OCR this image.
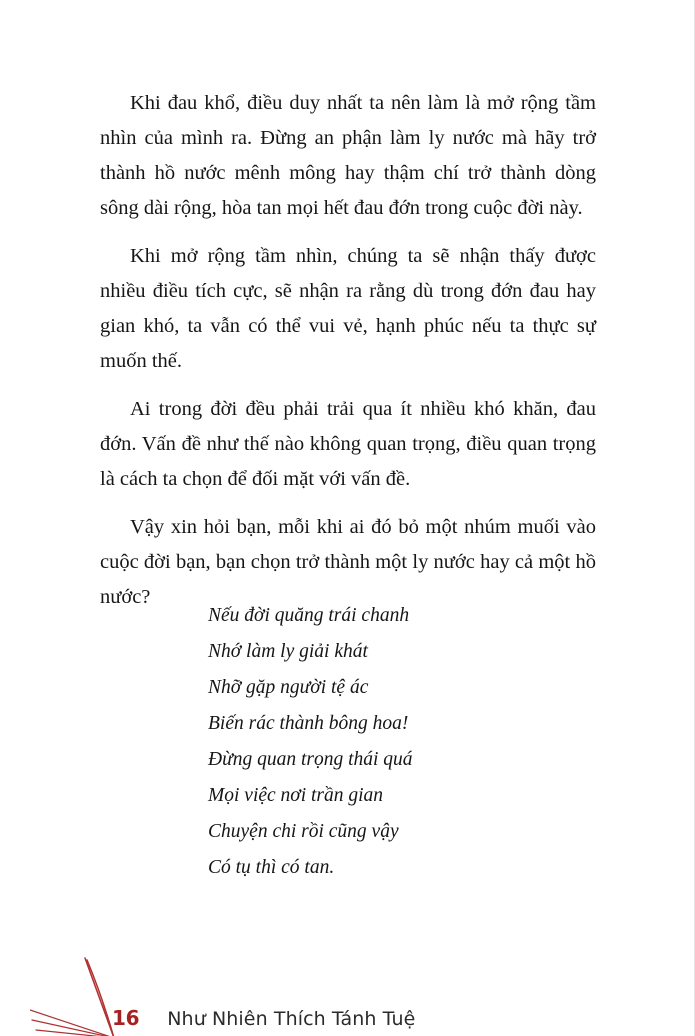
Khi đau khổ, điều duy nhất ta nên làm là mở rộng tầm nhìn của mình ra. Đừng an phận làm ly nước mà hãy trở thành hồ nước mênh mông hay thậm chí trở thành dòng sông dài rộng, hòa tan mọi hết đau đớn trong cuộc đời này.

Khi mở rộng tầm nhìn, chúng ta sẽ nhận thấy được nhiều điều tích cực, sẽ nhận ra rằng dù trong đớn đau hay gian khó, ta vẫn có thể vui vẻ, hạnh phúc nếu ta thực sự muốn thế.

Ai trong đời đều phải trải qua ít nhiều khó khăn, đau đớn. Vấn đề như thế nào không quan trọng, điều quan trọng là cách ta chọn để đối mặt với vấn đề.

Vậy xin hỏi bạn, mỗi khi ai đó bỏ một nhúm muối vào cuộc đời bạn, bạn chọn trở thành một ly nước hay cả một hồ nước?

Nếu đời quăng trái chanh
Nhớ làm ly giải khát
Nhỡ gặp người tệ ác
Biến rác thành bông hoa!
Đừng quan trọng thái quá
Mọi việc nơi trần gian
Chuyện chi rồi cũng vậy
Có tụ thì có tan.
16 Như Nhiên Thích Tánh Tuệ
